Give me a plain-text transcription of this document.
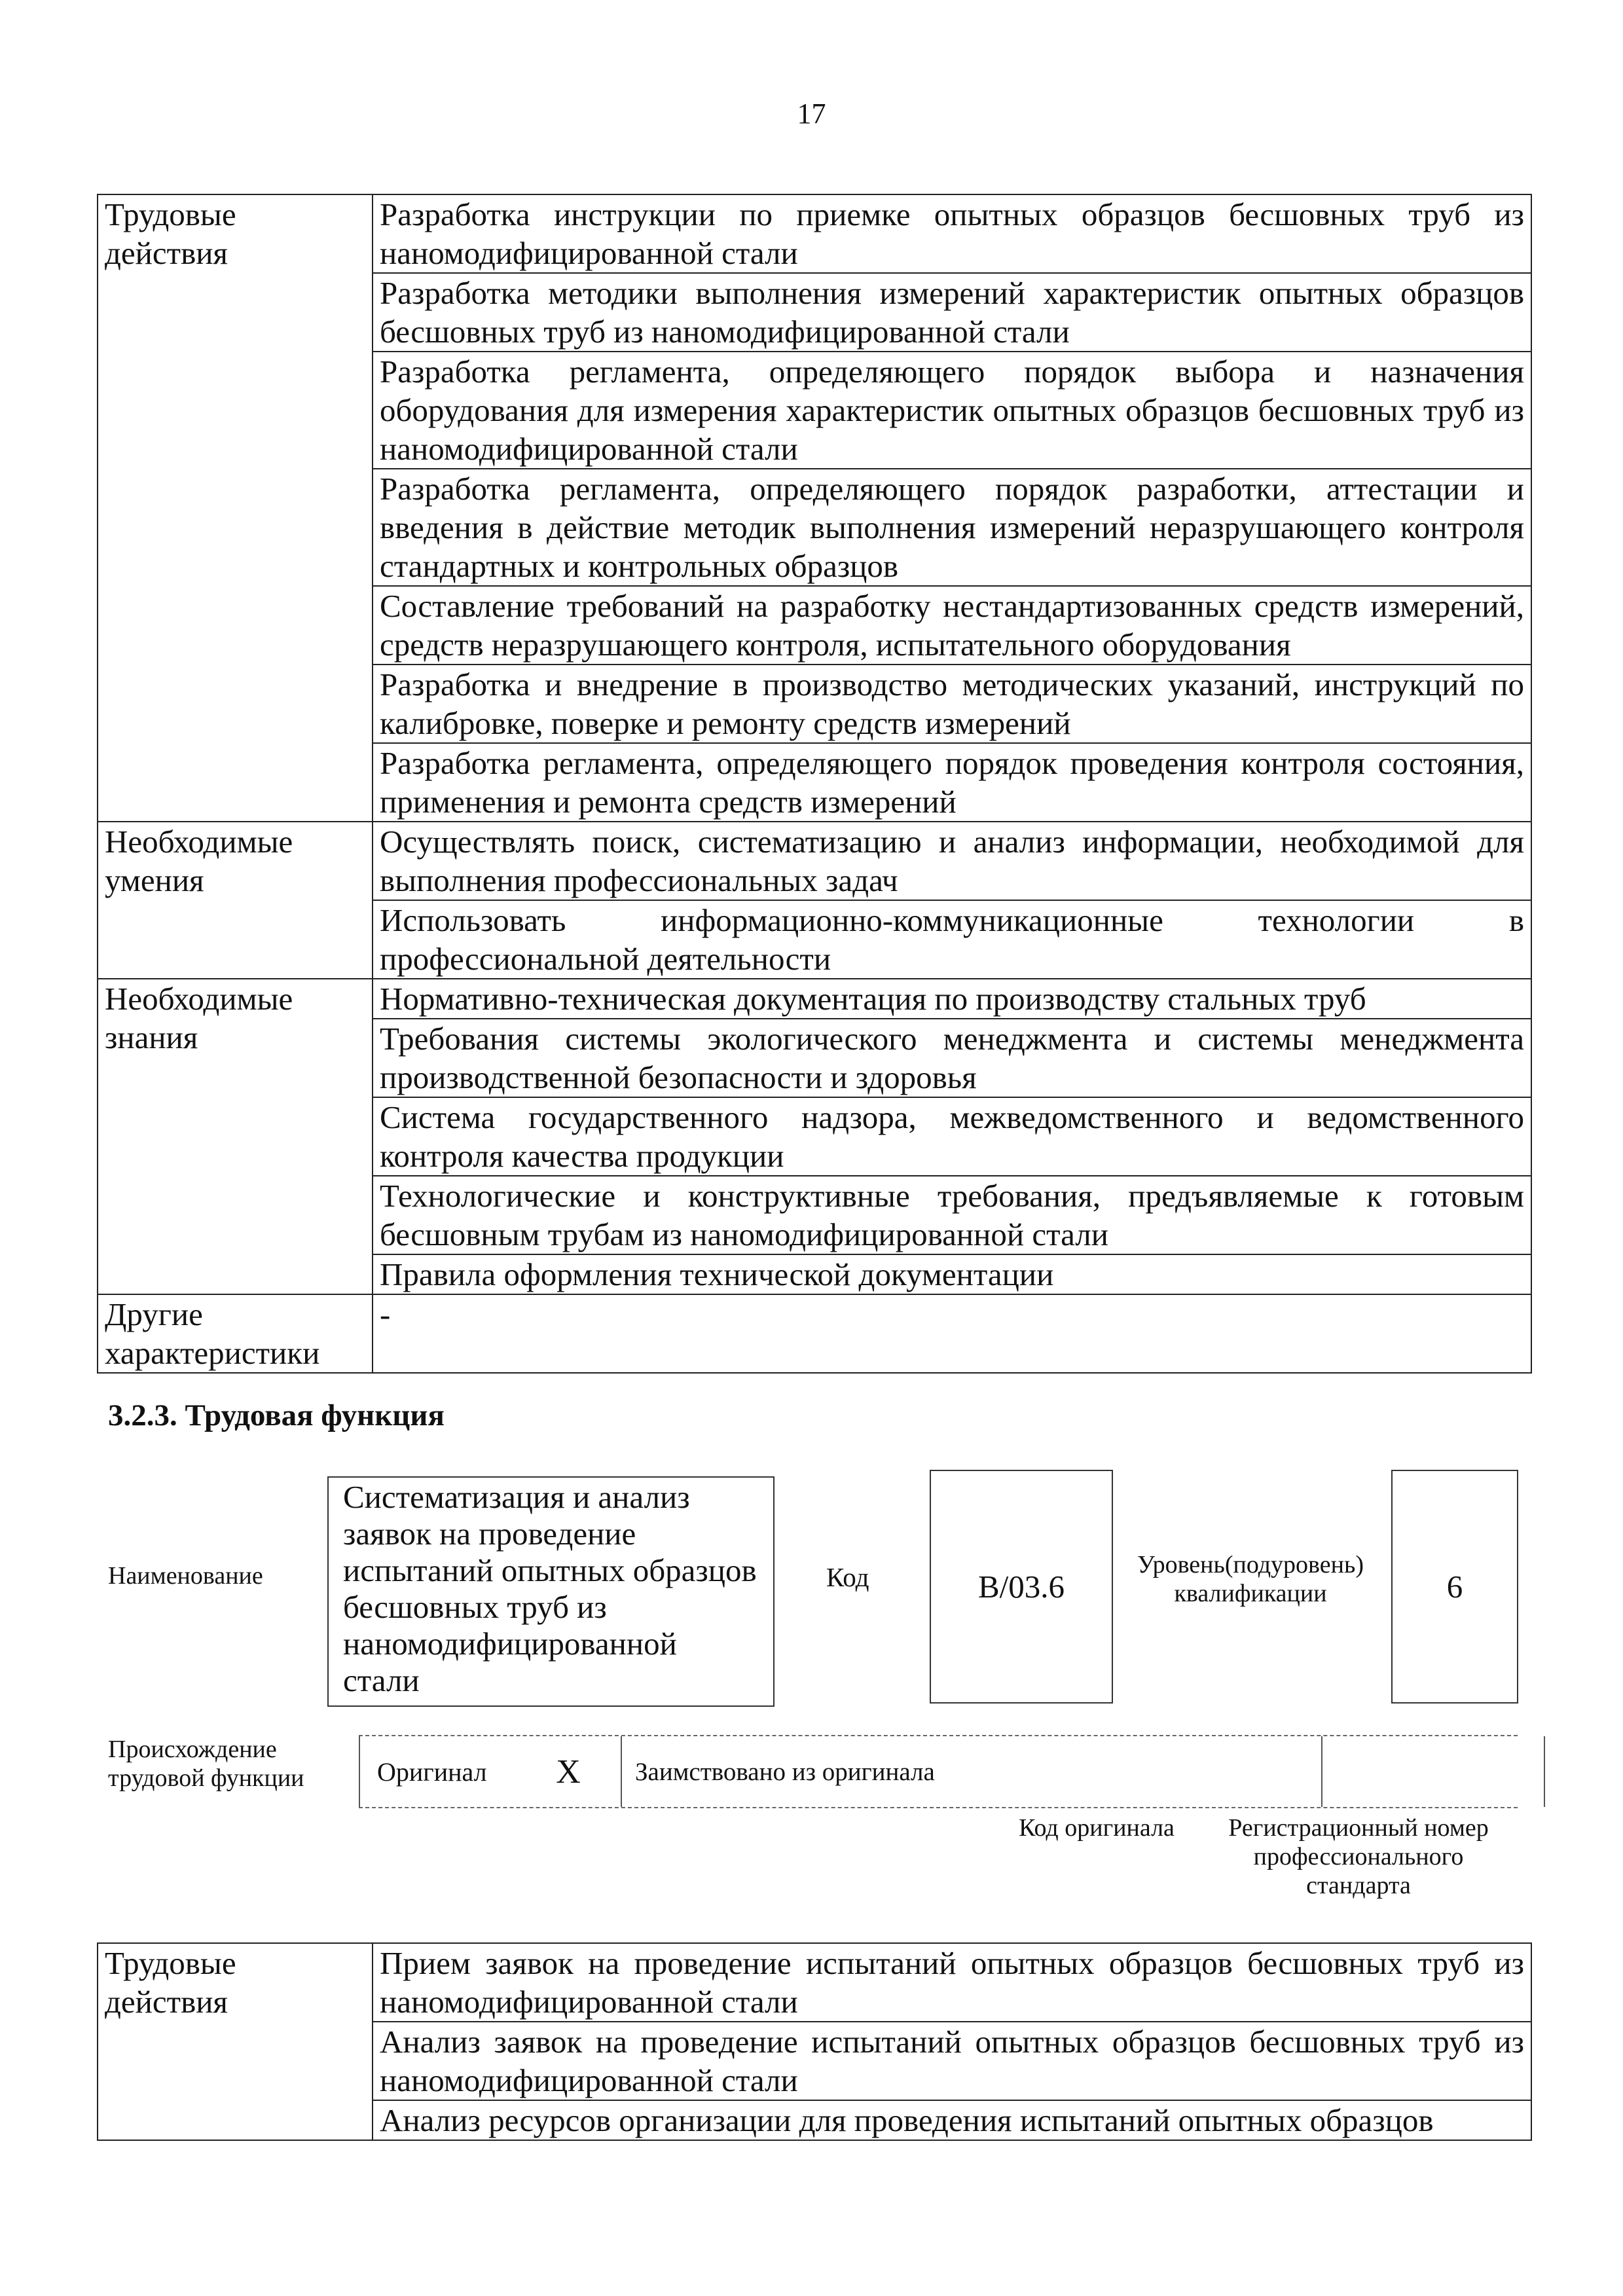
17
Трудовые действия	Разработка инструкции по приемке опытных образцов бесшовных труб из наномодифицированной стали
	Разработка методики выполнения измерений характеристик опытных образцов бесшовных труб из наномодифицированной стали
	Разработка регламента, определяющего порядок выбора и назначения оборудования для измерения характеристик опытных образцов бесшовных труб из наномодифицированной стали
	Разработка регламента, определяющего порядок разработки, аттестации и введения в действие методик выполнения измерений неразрушающего контроля стандартных и контрольных образцов
	Составление требований на разработку нестандартизованных средств измерений, средств неразрушающего контроля, испытательного оборудования
	Разработка и внедрение в производство методических указаний, инструкций по калибровке, поверке и ремонту средств измерений
	Разработка регламента, определяющего порядок проведения контроля состояния, применения и ремонта средств измерений
Необходимые умения	Осуществлять поиск, систематизацию и анализ информации, необходимой для выполнения профессиональных задач
	Использовать информационно-коммуникационные технологии в профессиональной деятельности
Необходимые знания	Нормативно-техническая документация по производству стальных труб
	Требования системы экологического менеджмента и системы менеджмента производственной безопасности и здоровья
	Система государственного надзора, межведомственного и ведомственного контроля качества продукции
	Технологические и конструктивные требования, предъявляемые к готовым бесшовным трубам из наномодифицированной стали
	Правила оформления технической документации
Другие характеристики	-
3.2.3. Трудовая функция
Наименование
Систематизация и анализ заявок на проведение испытаний опытных образцов бесшовных труб из наномодифицированной стали
Код	B/03.6
Уровень(подуровень) квалификации	6
Происхождение трудовой функции	Оригинал X Заимствовано из оригинала
Код оригинала	Регистрационный номер профессионального стандарта
Трудовые действия	Прием заявок на проведение испытаний опытных образцов бесшовных труб из наномодифицированной стали
Анализ заявок на проведение испытаний опытных образцов бесшовных труб из наномодифицированной стали
Анализ ресурсов организации для проведения испытаний опытных образцов
